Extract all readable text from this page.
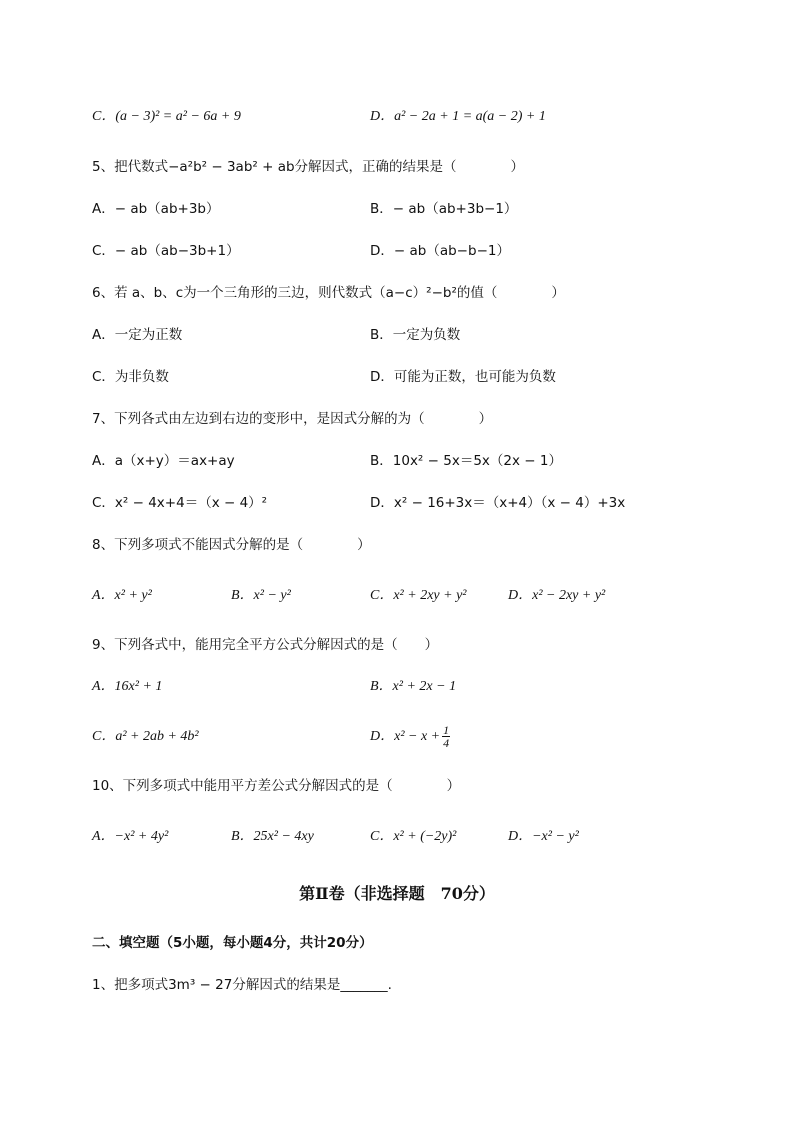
C．(a − 3)² = a² − 6a + 9	D．a² − 2a + 1 = a(a − 2) + 1
5、把代数式−a²b² − 3ab² + ab分解因式，正确的结果是（　　　　）
A．− ab（ab+3b）	B．− ab（ab+3b−1）
C．− ab（ab−3b+1）	D．− ab（ab−b−1）
6、若 a、b、c为一个三角形的三边，则代数式（a−c）²−b²的值（　　　　）
A．一定为正数	B．一定为负数
C．为非负数	D．可能为正数，也可能为负数
7、下列各式由左边到右边的变形中，是因式分解的为（　　　　）
A．a（x+y）＝ax+ay	B．10x² − 5x＝5x（2x − 1）
C．x² − 4x+4＝（x − 4）²	D．x² − 16+3x＝（x+4）（x − 4）+3x
8、下列多项式不能因式分解的是（　　　　）
A．x² + y²	B．x² − y²	C．x² + 2xy + y²	D．x² − 2xy + y²
9、下列各式中，能用完全平方公式分解因式的是（　　）
A．16x² + 1	B．x² + 2x − 1
C．a² + 2ab + 4b²	D．$x^2 - x + \frac{1}{4}$
10、下列多项式中能用平方差公式分解因式的是（　　　　）
A．−x² + 4y²	B．25x² − 4xy	C．x² + (−2y)²	D．−x² − y²
第Ⅱ卷（非选择题　70分）
二、填空题（5小题，每小题4分，共计20分）
1、把多项式3m³ − 27分解因式的结果是_______.
